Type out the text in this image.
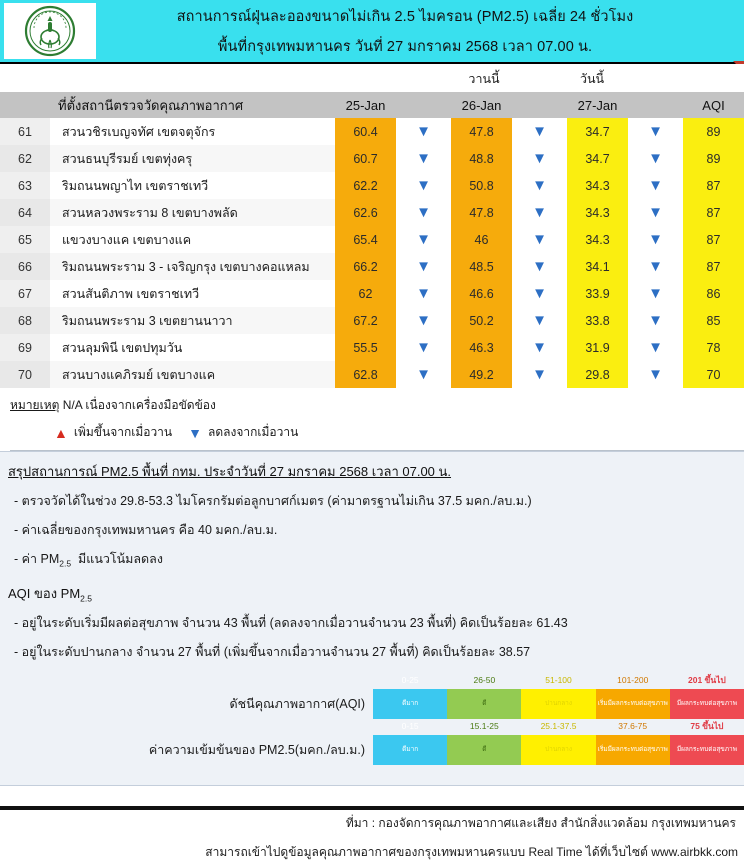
สถานการณ์ฝุ่นละอองขนาดไม่เกิน 2.5 ไมครอน (PM2.5) เฉลี่ย 24 ชั่วโมง
พื้นที่กรุงเทพมหานคร วันที่ 27 มกราคม 2568 เวลา 07.00 น.
วานนี้	วันนี้
	ที่ตั้งสถานีตรวจวัดคุณภาพอากาศ	25-Jan		26-Jan		27-Jan		AQI
61	สวนวชิรเบญจทัศ เขตจตุจักร	60.4	▼	47.8	▼	34.7	▼	89
62	สวนธนบุรีรมย์ เขตทุ่งครุ	60.7	▼	48.8	▼	34.7	▼	89
63	ริมถนนพญาไท เขตราชเทวี	62.2	▼	50.8	▼	34.3	▼	87
64	สวนหลวงพระราม 8 เขตบางพลัด	62.6	▼	47.8	▼	34.3	▼	87
65	แขวงบางแค เขตบางแค	65.4	▼	46	▼	34.3	▼	87
66	ริมถนนพระราม 3 - เจริญกรุง เขตบางคอแหลม	66.2	▼	48.5	▼	34.1	▼	87
67	สวนสันติภาพ เขตราชเทวี	62	▼	46.6	▼	33.9	▼	86
68	ริมถนนพระราม 3 เขตยานนาวา	67.2	▼	50.2	▼	33.8	▼	85
69	สวนลุมพินี เขตปทุมวัน	55.5	▼	46.3	▼	31.9	▼	78
70	สวนบางแคภิรมย์ เขตบางแค	62.8	▼	49.2	▼	29.8	▼	70
หมายเหตุ N/A เนื่องจากเครื่องมือขัดข้อง
▲ เพิ่มขึ้นจากเมื่อวาน ▼ ลดลงจากเมื่อวาน
สรุปสถานการณ์ PM2.5 พื้นที่ กทม. ประจำวันที่ 27 มกราคม 2568 เวลา 07.00 น.
- ตรวจวัดได้ในช่วง 29.8-53.3 ไมโครกรัมต่อลูกบาศก์เมตร (ค่ามาตรฐานไม่เกิน 37.5 มคก./ลบ.ม.)
- ค่าเฉลี่ยของกรุงเทพมหานคร คือ 40 มคก./ลบ.ม.
- ค่า $PM_{2.5}$ มีแนวโน้มลดลง
AQI ของ $PM_{2.5}$
- อยู่ในระดับเริ่มมีผลต่อสุขภาพ จำนวน 43 พื้นที่ (ลดลงจากเมื่อวานจำนวน 23 พื้นที่) คิดเป็นร้อยละ 61.43
- อยู่ในระดับปานกลาง จำนวน 27 พื้นที่ (เพิ่มขึ้นจากเมื่อวานจำนวน 27 พื้นที่) คิดเป็นร้อยละ 38.57
ดัชนีคุณภาพอากาศ(AQI)
0-25
ดีมาก
26-50
ดี
51-100
ปานกลาง
101-200
เริ่มมีผลกระทบต่อสุขภาพ
201 ขึ้นไป
มีผลกระทบต่อสุขภาพ
ค่าความเข้มข้นของ PM2.5(มคก./ลบ.ม.)
0-15
ดีมาก
15.1-25
ดี
25.1-37.5
ปานกลาง
37.6-75
เริ่มมีผลกระทบต่อสุขภาพ
75 ขึ้นไป
มีผลกระทบต่อสุขภาพ
ที่มา : กองจัดการคุณภาพอากาศและเสียง สำนักสิ่งแวดล้อม กรุงเทพมหานคร
สามารถเข้าไปดูข้อมูลคุณภาพอากาศของกรุงเทพมหานครแบบ Real Time ได้ที่เว็บไซต์ www.airbkk.com
